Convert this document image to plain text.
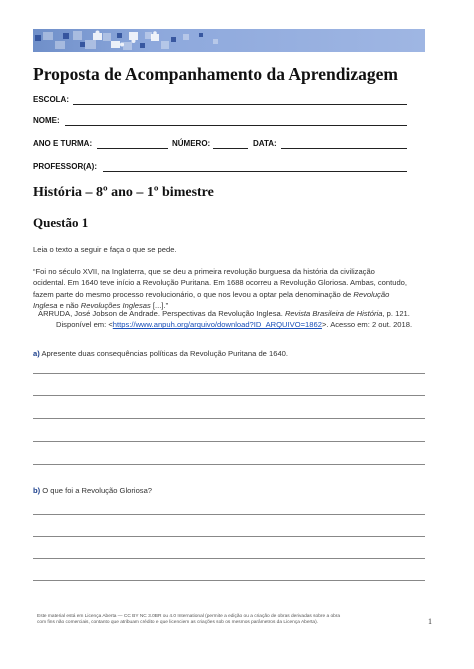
Proposta de Acompanhamento da Aprendizagem
ESCOLA:
NOME:
ANO E TURMA:	NÚMERO:	DATA:
PROFESSOR(A):
História – 8º ano – 1º bimestre
Questão 1
Leia o texto a seguir e faça o que se pede.
“Foi no século XVII, na Inglaterra, que se deu a primeira revolução burguesa da história da civilização
ocidental. Em 1640 teve início a Revolução Puritana. Em 1688 ocorreu a Revolução Gloriosa. Ambas, contudo,
fazem parte do mesmo processo revolucionário, o que nos levou a optar pela denominação de Revolução
Inglesa e não Revoluções Inglesas [...].”
ARRUDA, José Jobson de Andrade. Perspectivas da Revolução Inglesa. Revista Brasileira de História, p. 121.
Disponível em: <https://www.anpuh.org/arquivo/download?ID_ARQUIVO=1862>. Acesso em: 2 out. 2018.
a) Apresente duas consequências políticas da Revolução Puritana de 1640.
b) O que foi a Revolução Gloriosa?
Este material está em Licença Aberta — CC BY NC 3.0BR ou 4.0 International (permite a edição ou a criação de obras derivadas sobre a obra
com fins não comerciais, contanto que atribuam crédito e que licenciem as criações sob os mesmos parâmetros da Licença Aberta).	1
